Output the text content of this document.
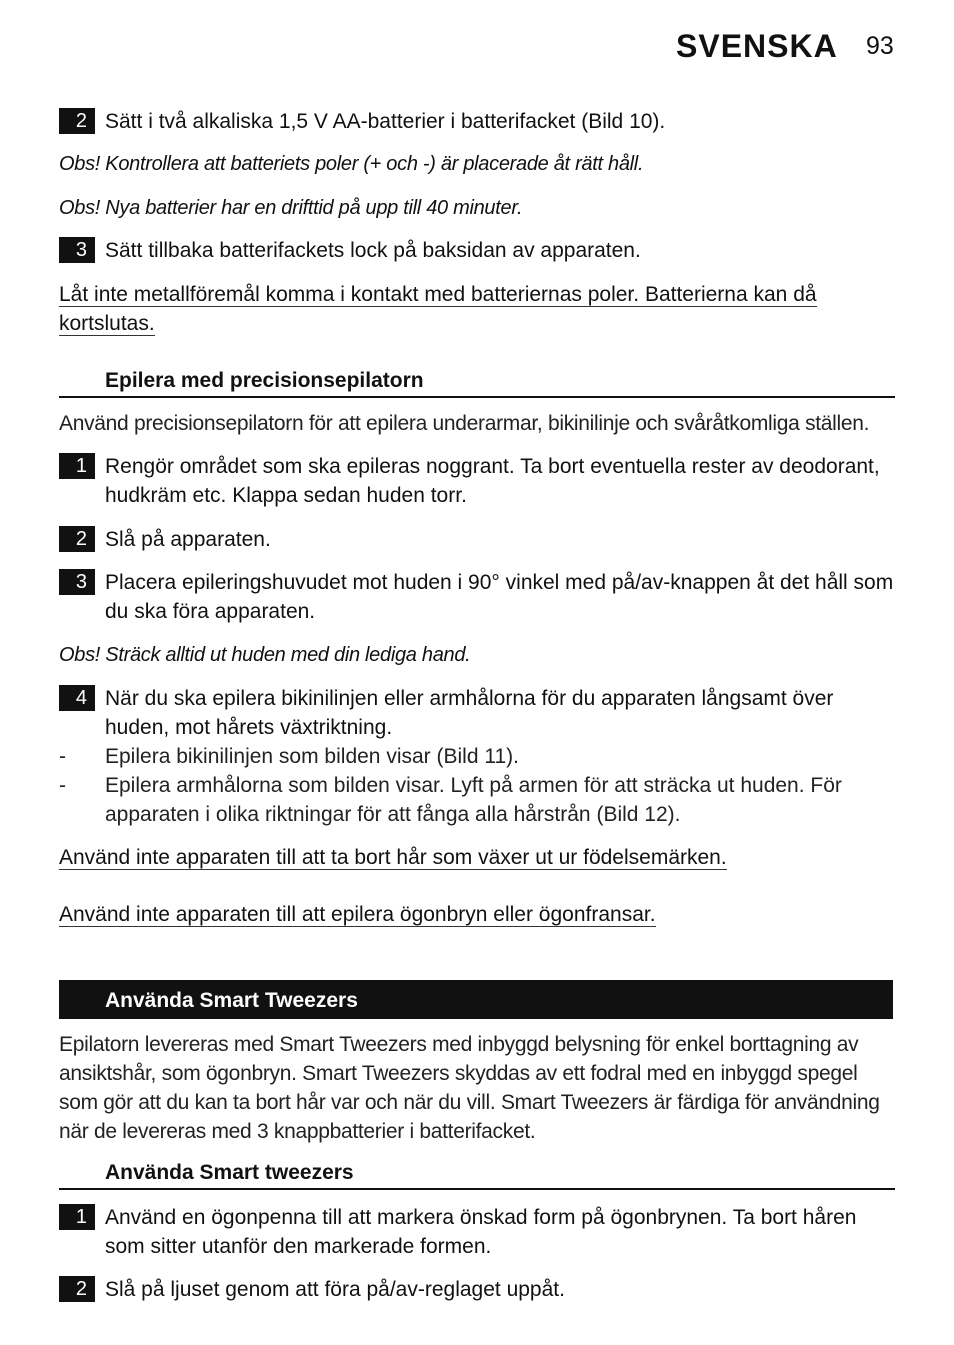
SVENSKA 93
2 Sätt i två alkaliska 1,5 V AA-batterier i batterifacket (Bild 10).
Obs! Kontrollera att batteriets poler (+ och -) är placerade åt rätt håll.
Obs! Nya batterier har en drifttid på upp till 40 minuter.
3 Sätt tillbaka batterifackets lock på baksidan av apparaten.
Låt inte metallföremål komma i kontakt med batteriernas poler. Batterierna kan då kortslutas.
Epilera med precisionsepilatorn
Använd precisionsepilatorn för att epilera underarmar, bikinilinje och svåråtkomliga ställen.
1 Rengör området som ska epileras noggrant. Ta bort eventuella rester av deodorant, hudkräm etc. Klappa sedan huden torr.
2 Slå på apparaten.
3 Placera epileringshuvudet mot huden i 90° vinkel med på/av-knappen åt det håll som du ska föra apparaten.
Obs! Sträck alltid ut huden med din lediga hand.
4 När du ska epilera bikinilinjen eller armhålorna för du apparaten långsamt över huden, mot hårets växtriktning.
- Epilera bikinilinjen som bilden visar (Bild 11).
- Epilera armhålorna som bilden visar. Lyft på armen för att sträcka ut huden. För apparaten i olika riktningar för att fånga alla hårstrån (Bild 12).
Använd inte apparaten till att ta bort hår som växer ut ur födelsemärken.
Använd inte apparaten till att epilera ögonbryn eller ögonfransar.
Använda Smart Tweezers
Epilatorn levereras med Smart Tweezers med inbyggd belysning för enkel borttagning av ansiktshår, som ögonbryn. Smart Tweezers skyddas av ett fodral med en inbyggd spegel som gör att du kan ta bort hår var och när du vill. Smart Tweezers är färdiga för användning när de levereras med 3 knappbatterier i batterifacket.
Använda Smart tweezers
1 Använd en ögonpenna till att markera önskad form på ögonbrynen. Ta bort håren som sitter utanför den markerade formen.
2 Slå på ljuset genom att föra på/av-reglaget uppåt.
